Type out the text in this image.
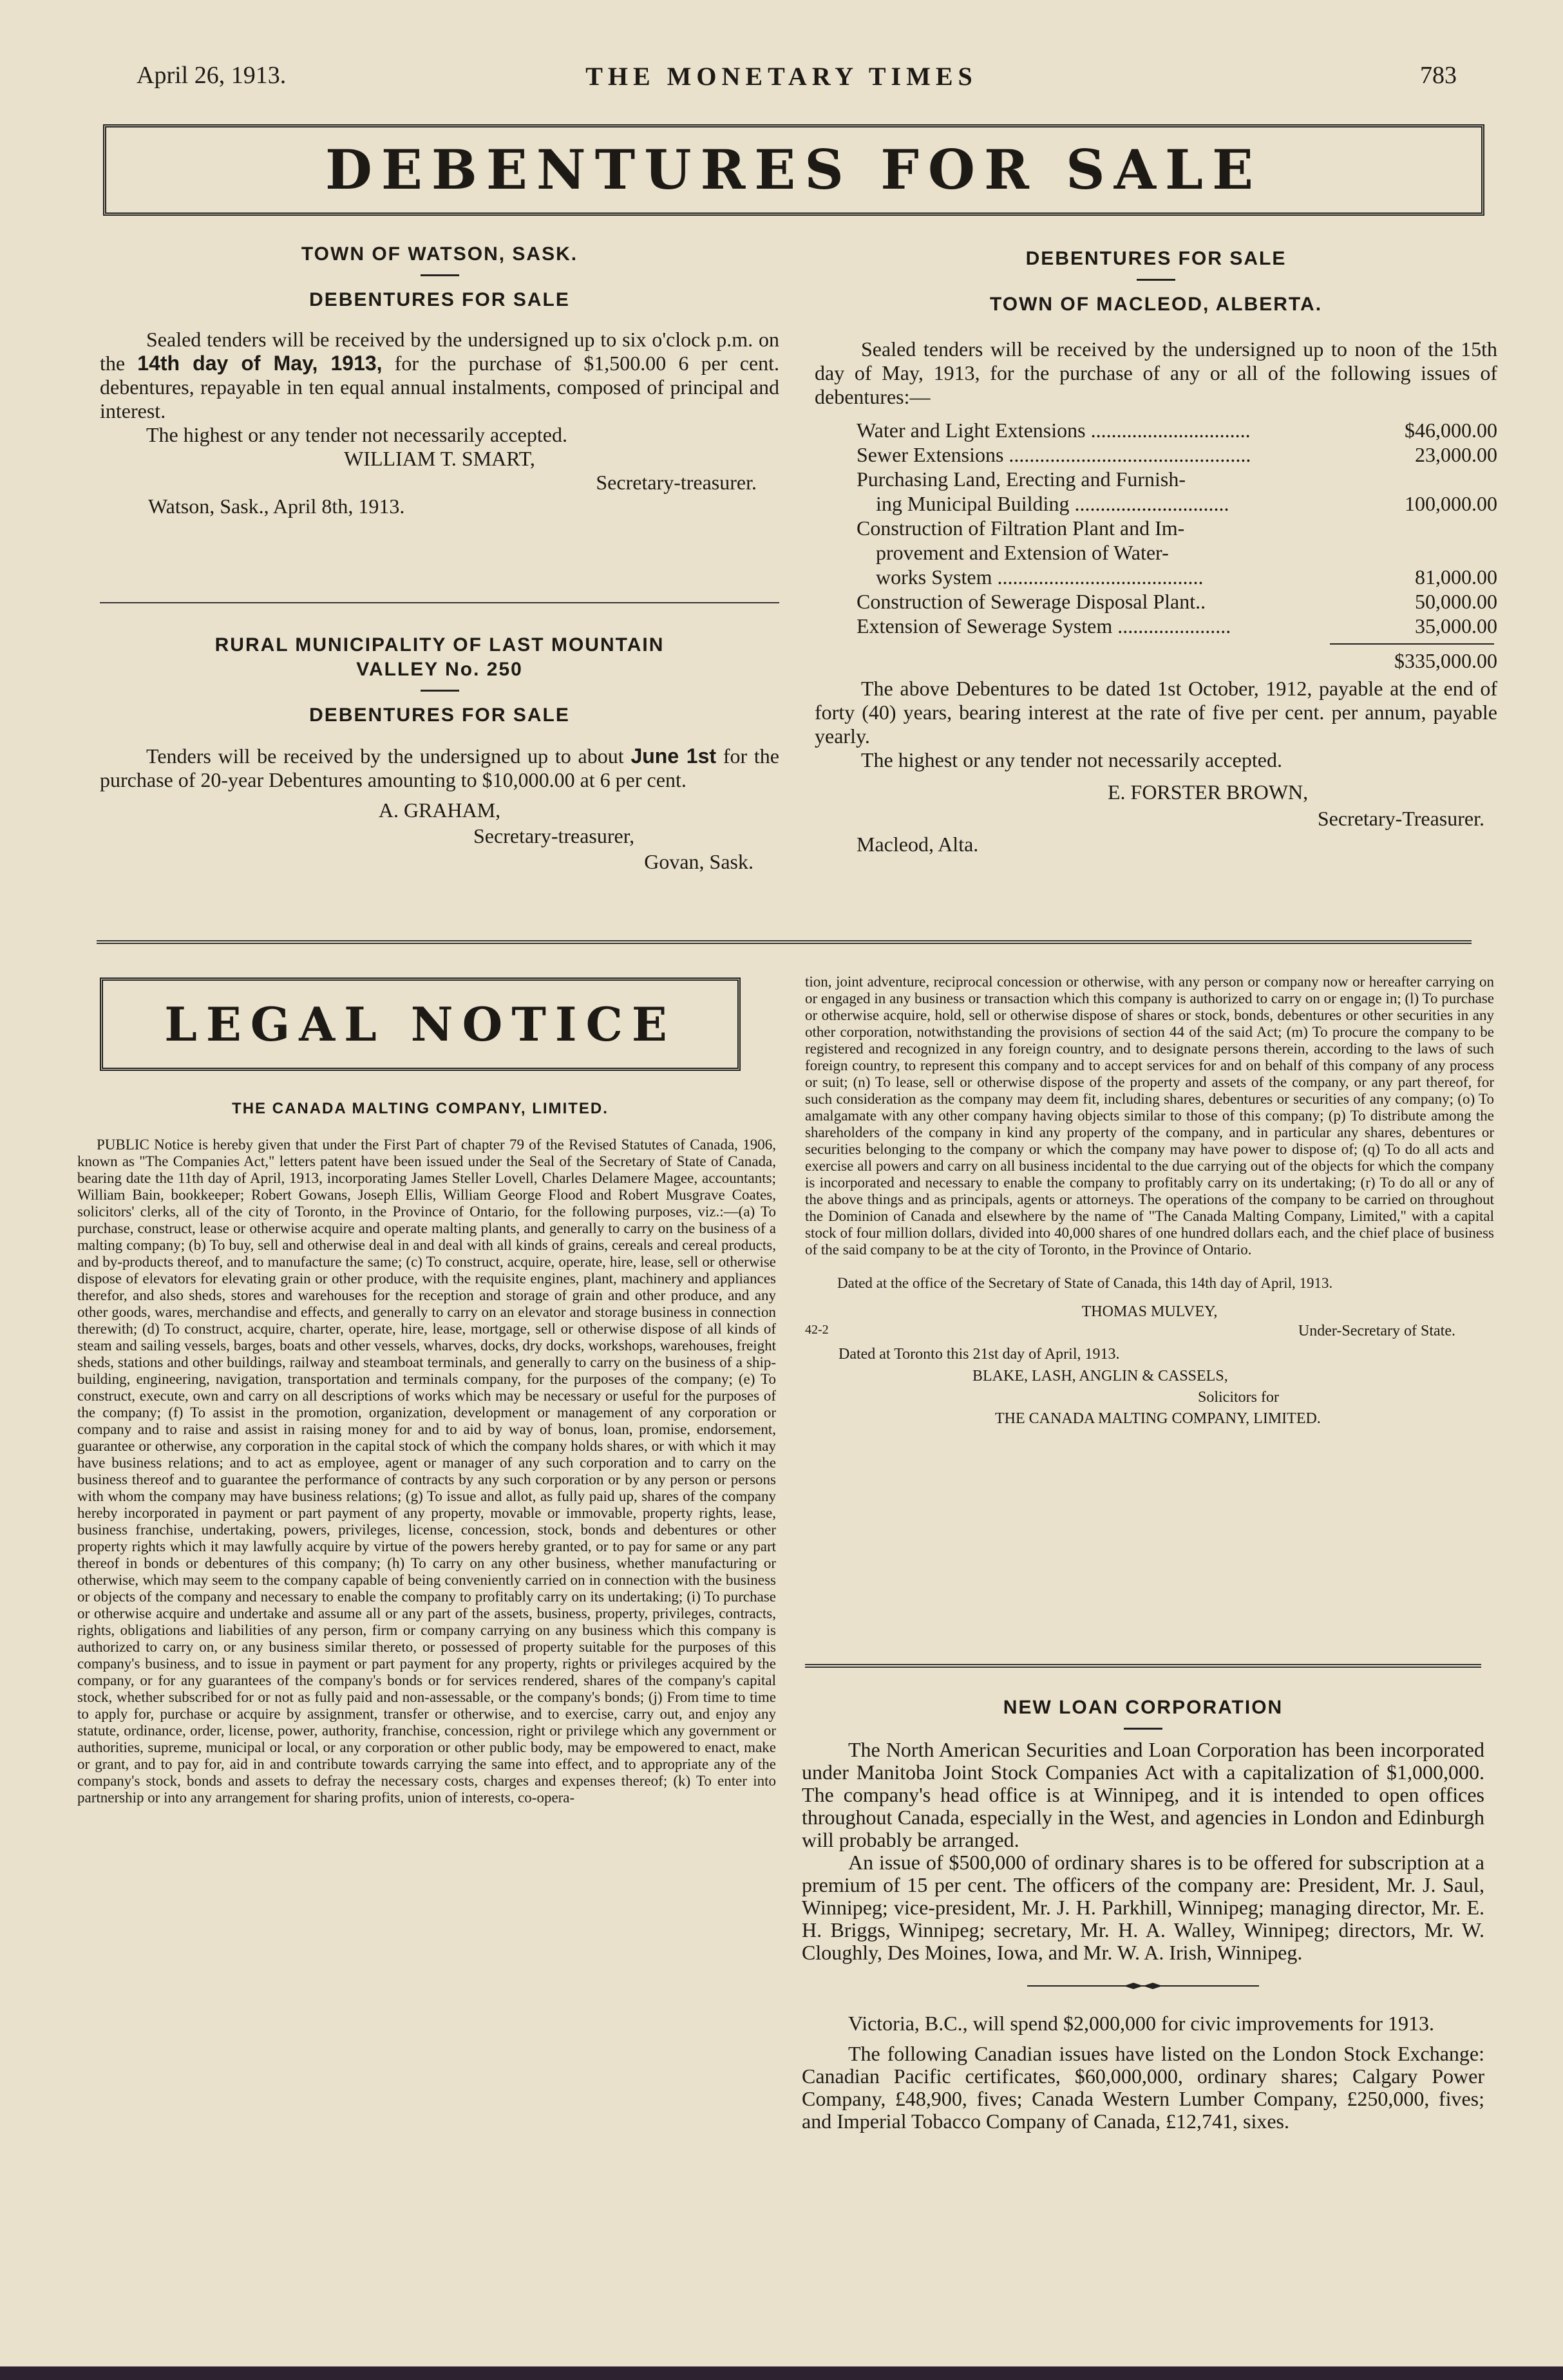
April 26, 1913.	THE MONETARY TIMES	783
DEBENTURES FOR SALE
TOWN OF WATSON, SASK.
DEBENTURES FOR SALE

Sealed tenders will be received by the undersigned up to six o'clock p.m. on the 14th day of May, 1913, for the purchase of $1,500.00 6 per cent. debentures, repayable in ten equal annual instalments, composed of principal and interest.

The highest or any tender not necessarily accepted.

WILLIAM T. SMART,
Secretary-treasurer.
Watson, Sask., April 8th, 1913.
RURAL MUNICIPALITY OF LAST MOUNTAIN
VALLEY No. 250
DEBENTURES FOR SALE

Tenders will be received by the undersigned up to about June 1st for the purchase of 20-year Debentures amounting to $10,000.00 at 6 per cent.

A. GRAHAM,
Secretary-treasurer,
Govan, Sask.
DEBENTURES FOR SALE
TOWN OF MACLEOD, ALBERTA.

Sealed tenders will be received by the undersigned up to noon of the 15th day of May, 1913, for the purchase of any or all of the following issues of debentures:—

Water and Light Extensions ...............................	$46,000.00
Sewer Extensions ...............................................	23,000.00
Purchasing Land, Erecting and Furnish-
ing Municipal Building ..............................	100,000.00
Construction of Filtration Plant and Im-
provement and Extension of Water-
works System ........................................	81,000.00
Construction of Sewerage Disposal Plant..	50,000.00
Extension of Sewerage System ......................	35,000.00
$335,000.00

The above Debentures to be dated 1st October, 1912, payable at the end of forty (40) years, bearing interest at the rate of five per cent. per annum, payable yearly.

The highest or any tender not necessarily accepted.

E. FORSTER BROWN,
Secretary-Treasurer.
Macleod, Alta.
LEGAL NOTICE
THE CANADA MALTING COMPANY, LIMITED.

PUBLIC Notice is hereby given that under the First Part of chapter 79 of the Revised Statutes of Canada, 1906, known as "The Companies Act," letters patent have been issued under the Seal of the Secretary of State of Canada, bearing date the 11th day of April, 1913, incorporating James Steller Lovell, Charles Delamere Magee, accountants; William Bain, bookkeeper; Robert Gowans, Joseph Ellis, William George Flood and Robert Musgrave Coates, solicitors' clerks, all of the city of Toronto, in the Province of Ontario, for the following purposes, viz.:—(a) To purchase, construct, lease or otherwise acquire and operate malting plants, and generally to carry on the business of a malting company; (b) To buy, sell and otherwise deal in and deal with all kinds of grains, cereals and cereal products, and by-products thereof, and to manufacture the same; (c) To construct, acquire, operate, hire, lease, sell or otherwise dispose of elevators for elevating grain or other produce, with the requisite engines, plant, machinery and appliances therefor, and also sheds, stores and warehouses for the reception and storage of grain and other produce, and any other goods, wares, merchandise and effects, and generally to carry on an elevator and storage business in connection therewith; (d) To construct, acquire, charter, operate, hire, lease, mortgage, sell or otherwise dispose of all kinds of steam and sailing vessels, barges, boats and other vessels, wharves, docks, dry docks, workshops, warehouses, freight sheds, stations and other buildings, railway and steamboat terminals, and generally to carry on the business of a ship-building, engineering, navigation, transportation and terminals company, for the purposes of the company; (e) To construct, execute, own and carry on all descriptions of works which may be necessary or useful for the purposes of the company; (f) To assist in the promotion, organization, development or management of any corporation or company and to raise and assist in raising money for and to aid by way of bonus, loan, promise, endorsement, guarantee or otherwise, any corporation in the capital stock of which the company holds shares, or with which it may have business relations; and to act as employee, agent or manager of any such corporation and to carry on the business thereof and to guarantee the performance of contracts by any such corporation or by any person or persons with whom the company may have business relations; (g) To issue and allot, as fully paid up, shares of the company hereby incorporated in payment or part payment of any property, movable or immovable, property rights, lease, business franchise, undertaking, powers, privileges, license, concession, stock, bonds and debentures or other property rights which it may lawfully acquire by virtue of the powers hereby granted, or to pay for same or any part thereof in bonds or debentures of this company; (h) To carry on any other business, whether manufacturing or otherwise, which may seem to the company capable of being conveniently carried on in connection with the business or objects of the company and necessary to enable the company to profitably carry on its undertaking; (i) To purchase or otherwise acquire and undertake and assume all or any part of the assets, business, property, privileges, contracts, rights, obligations and liabilities of any person, firm or company carrying on any business which this company is authorized to carry on, or any business similar thereto, or possessed of property suitable for the purposes of this company's business, and to issue in payment or part payment for any property, rights or privileges acquired by the company, or for any guarantees of the company's bonds or for services rendered, shares of the company's capital stock, whether subscribed for or not as fully paid and non-assessable, or the company's bonds; (j) From time to time to apply for, purchase or acquire by assignment, transfer or otherwise, and to exercise, carry out, and enjoy any statute, ordinance, order, license, power, authority, franchise, concession, right or privilege which any government or authorities, supreme, municipal or local, or any corporation or other public body, may be empowered to enact, make or grant, and to pay for, aid in and contribute towards carrying the same into effect, and to appropriate any of the company's stock, bonds and assets to defray the necessary costs, charges and expenses thereof; (k) To enter into partnership or into any arrangement for sharing profits, union of interests, co-opera-

tion, joint adventure, reciprocal concession or otherwise, with any person or company now or hereafter carrying on or engaged in any business or transaction which this company is authorized to carry on or engage in; (l) To purchase or otherwise acquire, hold, sell or otherwise dispose of shares or stock, bonds, debentures or other securities in any other corporation, notwithstanding the provisions of section 44 of the said Act; (m) To procure the company to be registered and recognized in any foreign country, and to designate persons therein, according to the laws of such foreign country, to represent this company and to accept services for and on behalf of this company of any process or suit; (n) To lease, sell or otherwise dispose of the property and assets of the company, or any part thereof, for such consideration as the company may deem fit, including shares, debentures or securities of any company; (o) To amalgamate with any other company having objects similar to those of this company; (p) To distribute among the shareholders of the company in kind any property of the company, and in particular any shares, debentures or securities belonging to the company or which the company may have power to dispose of; (q) To do all acts and exercise all powers and carry on all business incidental to the due carrying out of the objects for which the company is incorporated and necessary to enable the company to profitably carry on its undertaking; (r) To do all or any of the above things and as principals, agents or attorneys. The operations of the company to be carried on throughout the Dominion of Canada and elsewhere by the name of "The Canada Malting Company, Limited," with a capital stock of four million dollars, divided into 40,000 shares of one hundred dollars each, and the chief place of business of the said company to be at the city of Toronto, in the Province of Ontario.

Dated at the office of the Secretary of State of Canada, this 14th day of April, 1913.

THOMAS MULVEY,
42-2	Under-Secretary of State.
Dated at Toronto this 21st day of April, 1913.
BLAKE, LASH, ANGLIN & CASSELS,
Solicitors for
THE CANADA MALTING COMPANY, LIMITED.
NEW LOAN CORPORATION

The North American Securities and Loan Corporation has been incorporated under Manitoba Joint Stock Companies Act with a capitalization of $1,000,000. The company's head office is at Winnipeg, and it is intended to open offices throughout Canada, especially in the West, and agencies in London and Edinburgh will probably be arranged.

An issue of $500,000 of ordinary shares is to be offered for subscription at a premium of 15 per cent. The officers of the company are: President, Mr. J. Saul, Winnipeg; vice-president, Mr. J. H. Parkhill, Winnipeg; managing director, Mr. E. H. Briggs, Winnipeg; secretary, Mr. H. A. Walley, Winnipeg; directors, Mr. W. Cloughly, Des Moines, Iowa, and Mr. W. A. Irish, Winnipeg.

Victoria, B.C., will spend $2,000,000 for civic improvements for 1913.

The following Canadian issues have listed on the London Stock Exchange: Canadian Pacific certificates, $60,000,000, ordinary shares; Calgary Power Company, £48,900, fives; Canada Western Lumber Company, £250,000, fives; and Imperial Tobacco Company of Canada, £12,741, sixes.
